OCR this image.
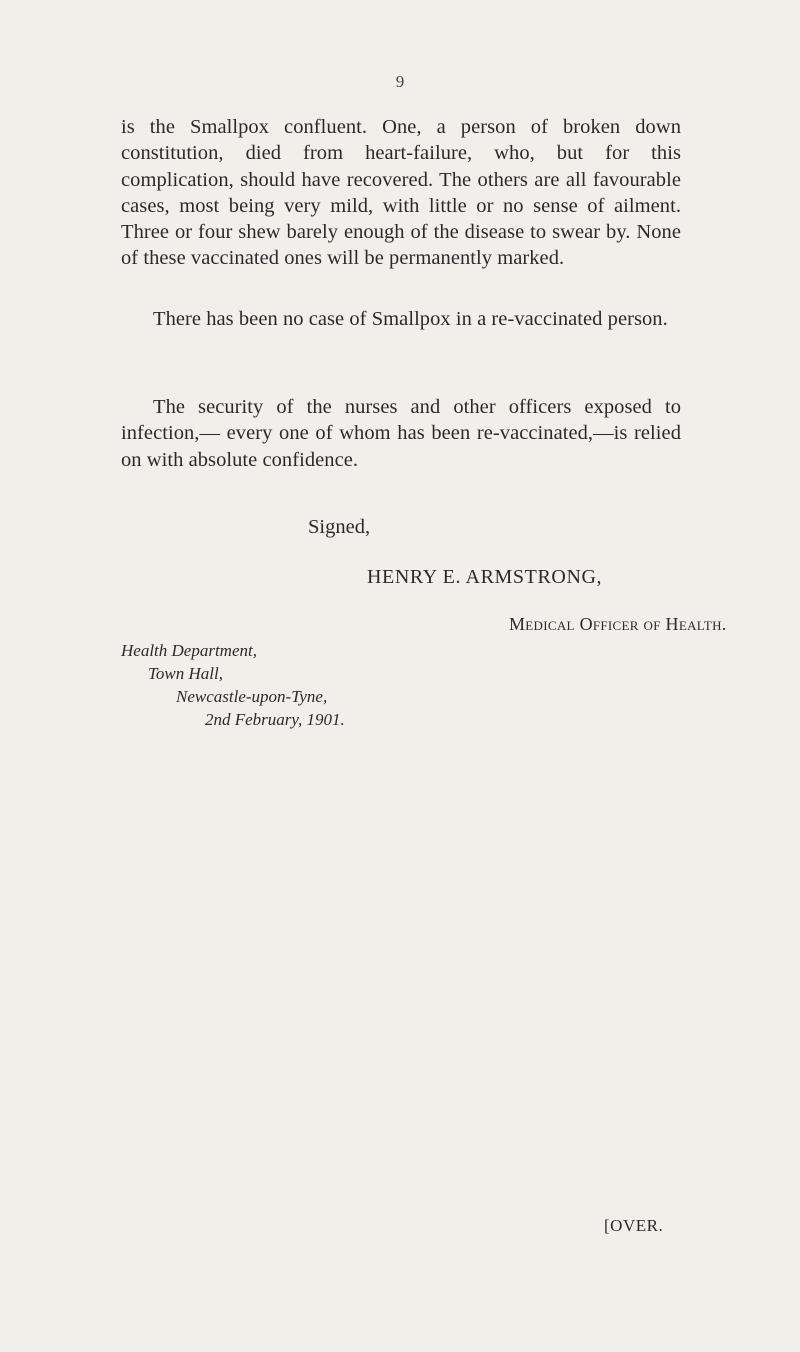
9

is the Smallpox confluent. One, a person of broken down constitution, died from heart-failure, who, but for this complication, should have recovered. The others are all favourable cases, most being very mild, with little or no sense of ailment. Three or four shew barely enough of the disease to swear by. None of these vaccinated ones will be permanently marked.

There has been no case of Smallpox in a re-vaccinated person.

The security of the nurses and other officers exposed to infection,— every one of whom has been re-vaccinated,—is relied on with absolute confidence.

Signed,
HENRY E. ARMSTRONG,
Medical Officer of Health.
Health Department,
Town Hall,
Newcastle-upon-Tyne,
2nd February, 1901.
[OVER.
